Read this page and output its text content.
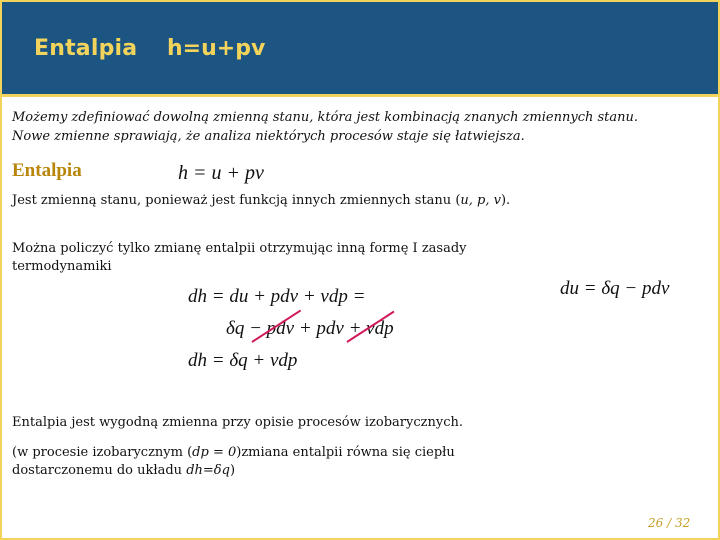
Entalpia h=u+pv
Możemy zdefiniować dowolną zmienną stanu, która jest kombinacją znanych zmiennych stanu.
Nowe zmienne sprawiają, że analiza niektórych procesów staje się łatwiejsza.
Entalpia	h = u + pv
Jest zmienną stanu, ponieważ jest funkcją innych zmiennych stanu (u, p, v).
Można policzyć tylko zmianę entalpii otrzymując inną formę I zasady termodynamiki
du = δq − pdv
dh = du + pdv + vdp =
δq − pdv + pdv + vdp
dh = δq + vdp
Entalpia jest wygodną zmienna przy opisie procesów izobarycznych.
(w procesie izobarycznym (dp = 0)zmiana entalpii równa się ciepłu dostarczonemu do układu dh=δq)
26 / 32
